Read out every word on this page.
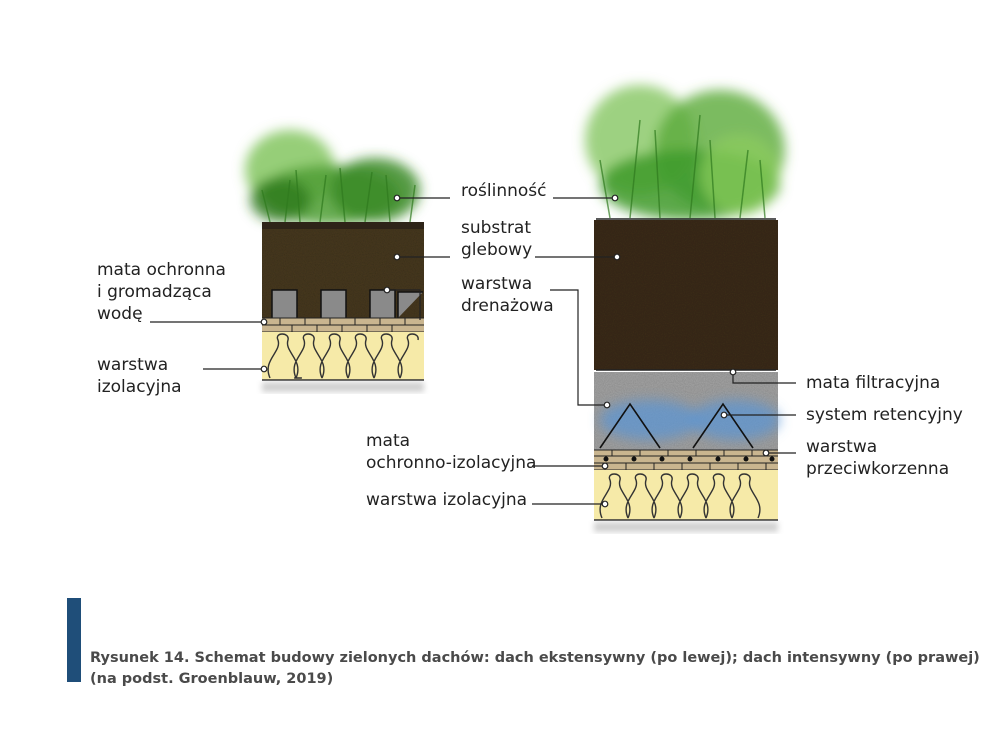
roślinność
substrat
glebowy
warstwa
drenażowa
mata ochronna
i gromadząca
wodę
warstwa
izolacyjna	mata filtracyjna
system retencyjny
warstwa
przeciwkorzenna
mata
ochronno-izolacyjna
warstwa izolacyjna
Rysunek 14. Schemat budowy zielonych dachów: dach ekstensywny (po lewej); dach intensywny (po prawej)
(na podst. Groenblauw, 2019)
